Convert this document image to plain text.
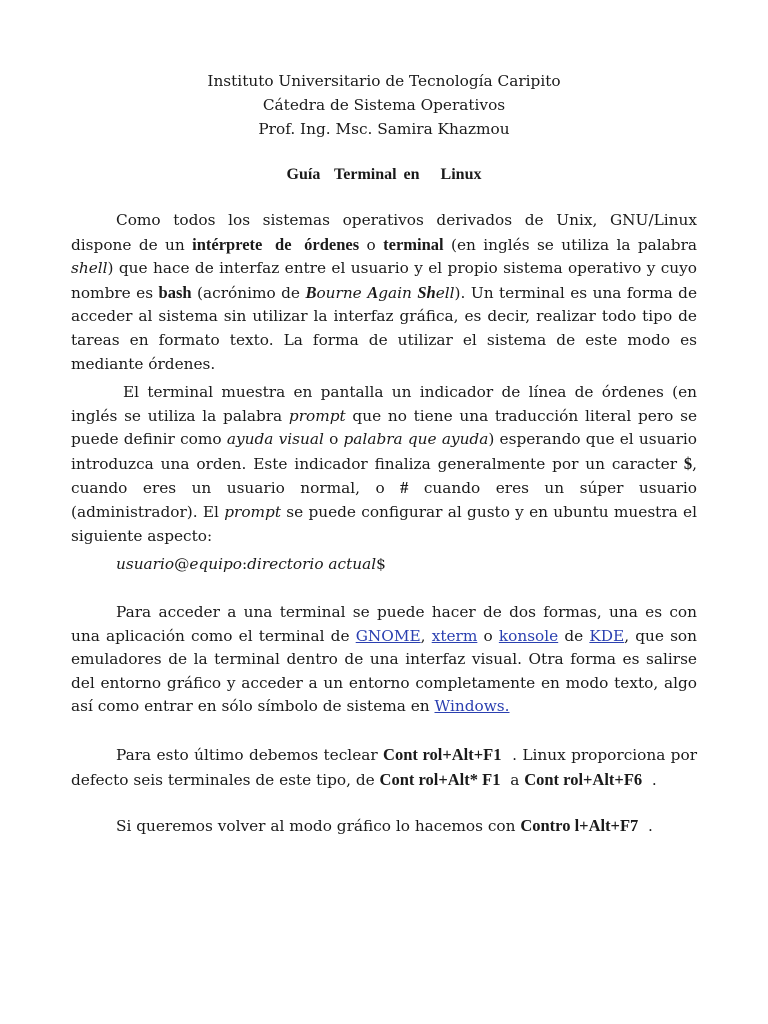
Instituto Universitario de Tecnología Caripito
Cátedra de Sistema Operativos
Prof. Ing. Msc. Samira Khazmou
Guía  Terminal en   Linux

Como todos los sistemas operativos derivados de Unix, GNU/Linux dispone de un intérprete de órdenes o terminal (en inglés se utiliza la palabra shell) que hace de interfaz entre el usuario y el propio sistema operativo y cuyo nombre es bash (acrónimo de Bourne Again Shell). Un terminal es una forma de acceder al sistema sin utilizar la interfaz gráfica, es decir, realizar todo tipo de tareas en formato texto. La forma de utilizar el sistema de este modo es mediante órdenes.

El terminal muestra en pantalla un indicador de línea de órdenes (en inglés se utiliza la palabra prompt que no tiene una traducción literal pero se puede definir como ayuda visual o palabra que ayuda) esperando que el usuario introduzca una orden. Este indicador finaliza generalmente por un caracter $, cuando eres un usuario normal, o # cuando eres un súper usuario (administrador). El prompt se puede configurar al gusto y en ubuntu muestra el siguiente aspecto:

usuario@equipo:directorio actual$

Para acceder a una terminal se puede hacer de dos formas, una es con una aplicación como el terminal de GNOME, xterm o konsole de KDE, que son emuladores de la terminal dentro de una interfaz visual. Otra forma es salirse del entorno gráfico y acceder a un entorno completamente en modo texto, algo así como entrar en sólo símbolo de sistema en Windows.

Para esto último debemos teclear Cont rol+Alt+F1  . Linux proporciona por defecto seis terminales de este tipo, de Cont rol+Alt* F1  a Cont rol+Alt+F6  .

Si queremos volver al modo gráfico lo hacemos con Contro l+Alt+F7  .
